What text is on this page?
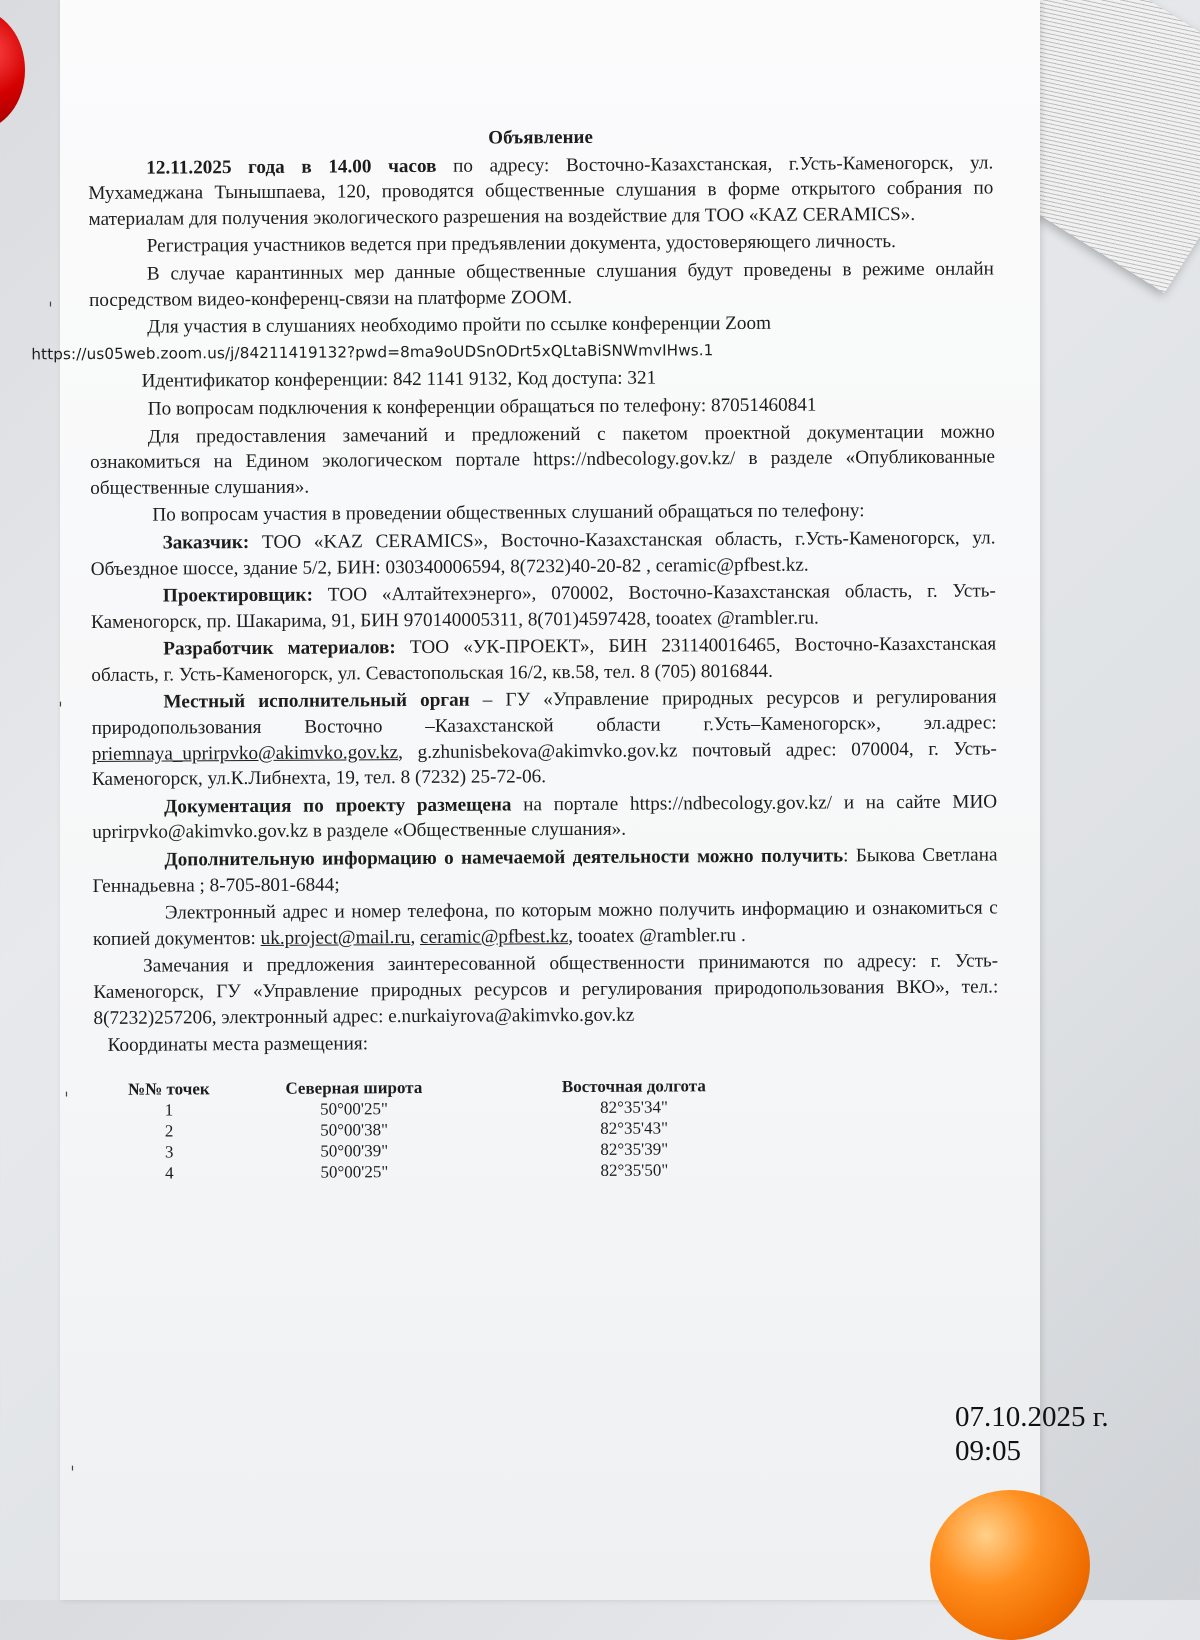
ˌ
ˌ
ˌ
ˌ
Объявление

12.11.2025 года в 14.00 часов по адресу: Восточно-Казахстанская, г.Усть-Каменогорск, ул. Мухамеджана Тынышпаева, 120, проводятся общественные слушания в форме открытого собрания по материалам для получения экологического разрешения на воздействие для ТОО «KAZ CERAMICS».

Регистрация участников ведется при предъявлении документа, удостоверяющего личность.

В случае карантинных мер данные общественные слушания будут проведены в режиме онлайн посредством видео-конференц-связи на платформе ZOOM.

Для участия в слушаниях необходимо пройти по ссылке конференции Zoom
https://us05web.zoom.us/j/84211419132?pwd=8ma9oUDSnODrt5xQLtaBiSNWmvIHws.1

Идентификатор конференции: 842 1141 9132, Код доступа: 321

По вопросам подключения к конференции обращаться по телефону: 87051460841

Для предоставления замечаний и предложений с пакетом проектной документации можно ознакомиться на Едином экологическом портале https://ndbecology.gov.kz/ в разделе «Опубликованные общественные слушания».

По вопросам участия в проведении общественных слушаний обращаться по телефону:

Заказчик: ТОО «KAZ CERAMICS», Восточно-Казахстанская область, г.Усть-Каменогорск, ул. Объездное шоссе, здание 5/2, БИН: 030340006594, 8(7232)40-20-82 , ceramic@pfbest.kz.

Проектировщик: ТОО «Алтайтехэнерго», 070002, Восточно-Казахстанская область, г. Усть-Каменогорск, пр. Шакарима, 91, БИН 970140005311, 8(701)4597428, tooatex @rambler.ru.

Разработчик материалов: ТОО «УК-ПРОЕКТ», БИН 231140016465, Восточно-Казахстанская область, г. Усть-Каменогорск, ул. Севастопольская 16/2, кв.58, тел. 8 (705) 8016844.

Местный исполнительный орган – ГУ «Управление природных ресурсов и регулирования природопользования Восточно –Казахстанской области г.Усть–Каменогорск», эл.адрес: priemnaya_uprirpvko@akimvko.gov.kz, g.zhunisbekova@akimvko.gov.kz почтовый адрес: 070004, г. Усть-Каменогорск, ул.К.Либнехта, 19, тел. 8 (7232) 25-72-06.

Документация по проекту размещена на портале https://ndbecology.gov.kz/ и на сайте МИО uprirpvko@akimvko.gov.kz в разделе «Общественные слушания».

Дополнительную информацию о намечаемой деятельности можно получить: Быкова Светлана Геннадьевна ; 8-705-801-6844;

Электронный адрес и номер телефона, по которым можно получить информацию и ознакомиться с копией документов: uk.project@mail.ru, ceramic@pfbest.kz, tooatex @rambler.ru .

Замечания и предложения заинтересованной общественности принимаются по адресу: г. Усть-Каменогорск, ГУ «Управление природных ресурсов и регулирования природопользования ВКО», тел.: 8(7232)257206, электронный адрес: e.nurkaiyrova@akimvko.gov.kz

Координаты места размещения:

№№ точек	Северная широта	Восточная долгота
1	50°00'25"	82°35'34"
2	50°00'38"	82°35'43"
3	50°00'39"	82°35'39"
4	50°00'25"	82°35'50"
07.10.2025 г.
09:05
